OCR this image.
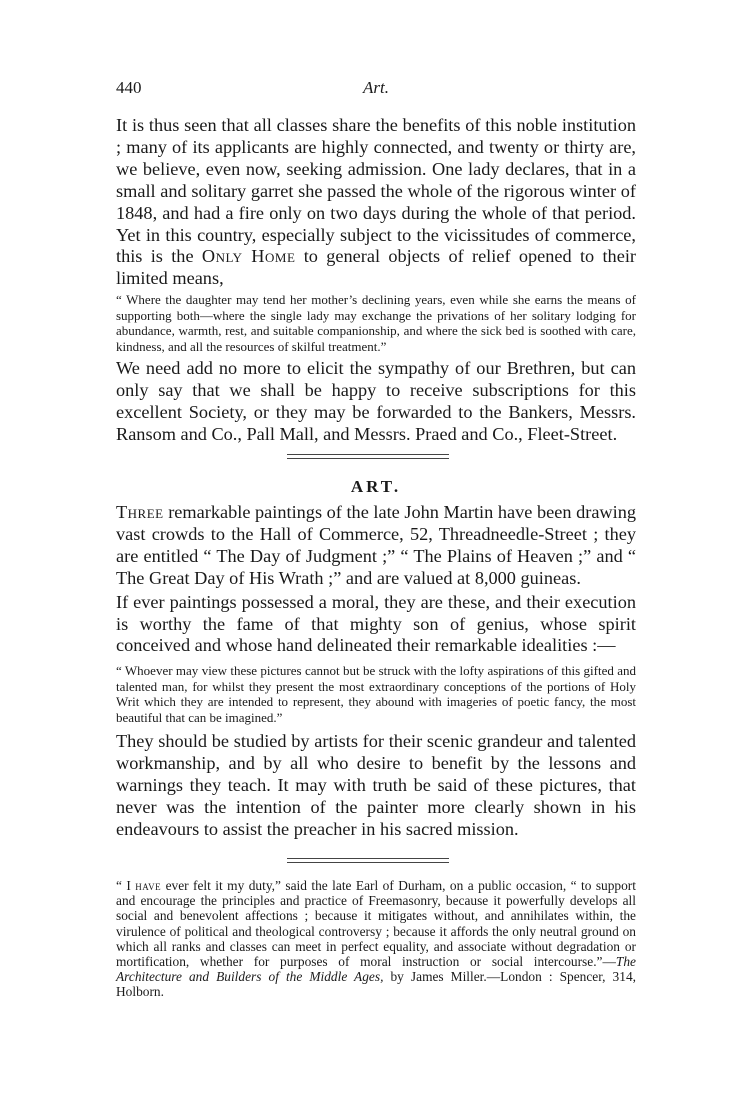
440	Art.

It is thus seen that all classes share the benefits of this noble institution ; many of its applicants are highly connected, and twenty or thirty are, we believe, even now, seeking admission. One lady declares, that in a small and solitary garret she passed the whole of the rigorous winter of 1848, and had a fire only on two days during the whole of that period. Yet in this country, especially subject to the vicissitudes of commerce, this is the Only Home to general objects of relief opened to their limited means,

“ Where the daughter may tend her mother’s declining years, even while she earns the means of supporting both—where the single lady may exchange the privations of her solitary lodging for abundance, warmth, rest, and suitable companionship, and where the sick bed is soothed with care, kindness, and all the resources of skilful treatment.”

We need add no more to elicit the sympathy of our Brethren, but can only say that we shall be happy to receive subscriptions for this excellent Society, or they may be forwarded to the Bankers, Messrs. Ransom and Co., Pall Mall, and Messrs. Praed and Co., Fleet-Street.

ART.

Three remarkable paintings of the late John Martin have been drawing vast crowds to the Hall of Commerce, 52, Threadneedle-Street ; they are entitled “ The Day of Judgment ;” “ The Plains of Heaven ;” and “ The Great Day of His Wrath ;” and are valued at 8,000 guineas.

If ever paintings possessed a moral, they are these, and their execution is worthy the fame of that mighty son of genius, whose spirit conceived and whose hand delineated their remarkable idealities :—

“ Whoever may view these pictures cannot but be struck with the lofty aspirations of this gifted and talented man, for whilst they present the most extraordinary conceptions of the portions of Holy Writ which they are intended to represent, they abound with imageries of poetic fancy, the most beautiful that can be imagined.”

They should be studied by artists for their scenic grandeur and talented workmanship, and by all who desire to benefit by the lessons and warnings they teach. It may with truth be said of these pictures, that never was the intention of the painter more clearly shown in his endeavours to assist the preacher in his sacred mission.

“ I have ever felt it my duty,” said the late Earl of Durham, on a public occasion, “ to support and encourage the principles and practice of Freemasonry, because it powerfully develops all social and benevolent affections ; because it mitigates without, and annihilates within, the virulence of political and theological controversy ; because it affords the only neutral ground on which all ranks and classes can meet in perfect equality, and associate without degradation or mortification, whether for purposes of moral instruction or social intercourse.”—The Architecture and Builders of the Middle Ages, by James Miller.—London : Spencer, 314, Holborn.
